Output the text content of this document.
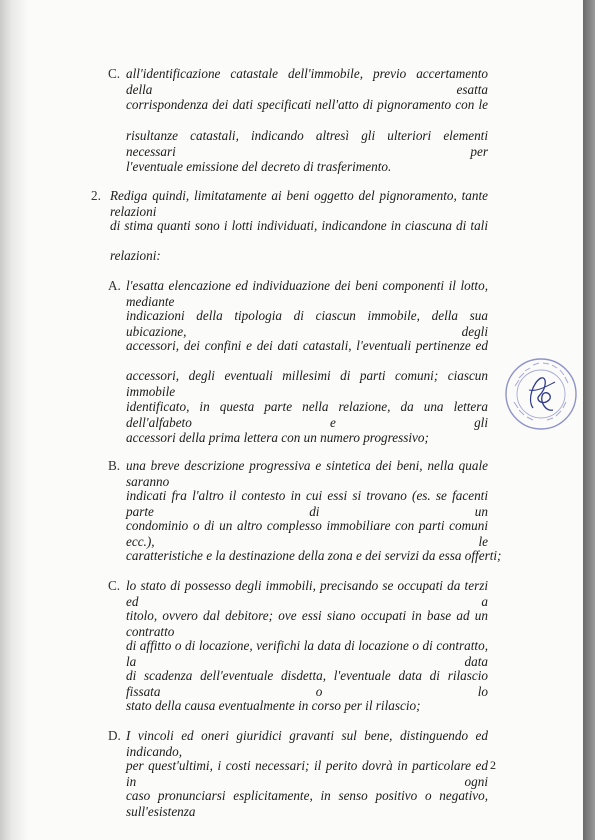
C. all'identificazione catastale dell'immobile, previo accertamento della esatta
corrispondenza dei dati specificati nell'atto di pignoramento con le
risultanze catastali, indicando altresì gli ulteriori elementi necessari per
l'eventuale emissione del decreto di trasferimento.
2. Rediga quindi, limitatamente ai beni oggetto del pignoramento, tante relazioni
di stima quanti sono i lotti individuati, indicandone in ciascuna di tali
relazioni:
A. l'esatta elencazione ed individuazione dei beni componenti il lotto, mediante
indicazioni della tipologia di ciascun immobile, della sua ubicazione, degli
accessori, dei confini e dei dati catastali, l'eventuali pertinenze ed
accessori, degli eventuali millesimi di parti comuni; ciascun immobile
identificato, in questa parte nella relazione, da una lettera dell'alfabeto e gli
accessori della prima lettera con un numero progressivo;
B. una breve descrizione progressiva e sintetica dei beni, nella quale saranno
indicati fra l'altro il contesto in cui essi si trovano (es. se facenti parte di un
condominio o di un altro complesso immobiliare con parti comuni ecc.), le
caratteristiche e la destinazione della zona e dei servizi da essa offerti;
C. lo stato di possesso degli immobili, precisando se occupati da terzi ed a
titolo, ovvero dal debitore; ove essi siano occupati in base ad un contratto
di affitto o di locazione, verifichi la data di locazione o di contratto, la data
di scadenza dell'eventuale disdetta, l'eventuale data di rilascio fissata o lo
stato della causa eventualmente in corso per il rilascio;
D. I vincoli ed oneri giuridici gravanti sul bene, distinguendo ed indicando,
per quest'ultimi, i costi necessari; il perito dovrà in particolare ed in ogni
caso pronunciarsi esplicitamente, in senso positivo o negativo, sull'esistenza
2
